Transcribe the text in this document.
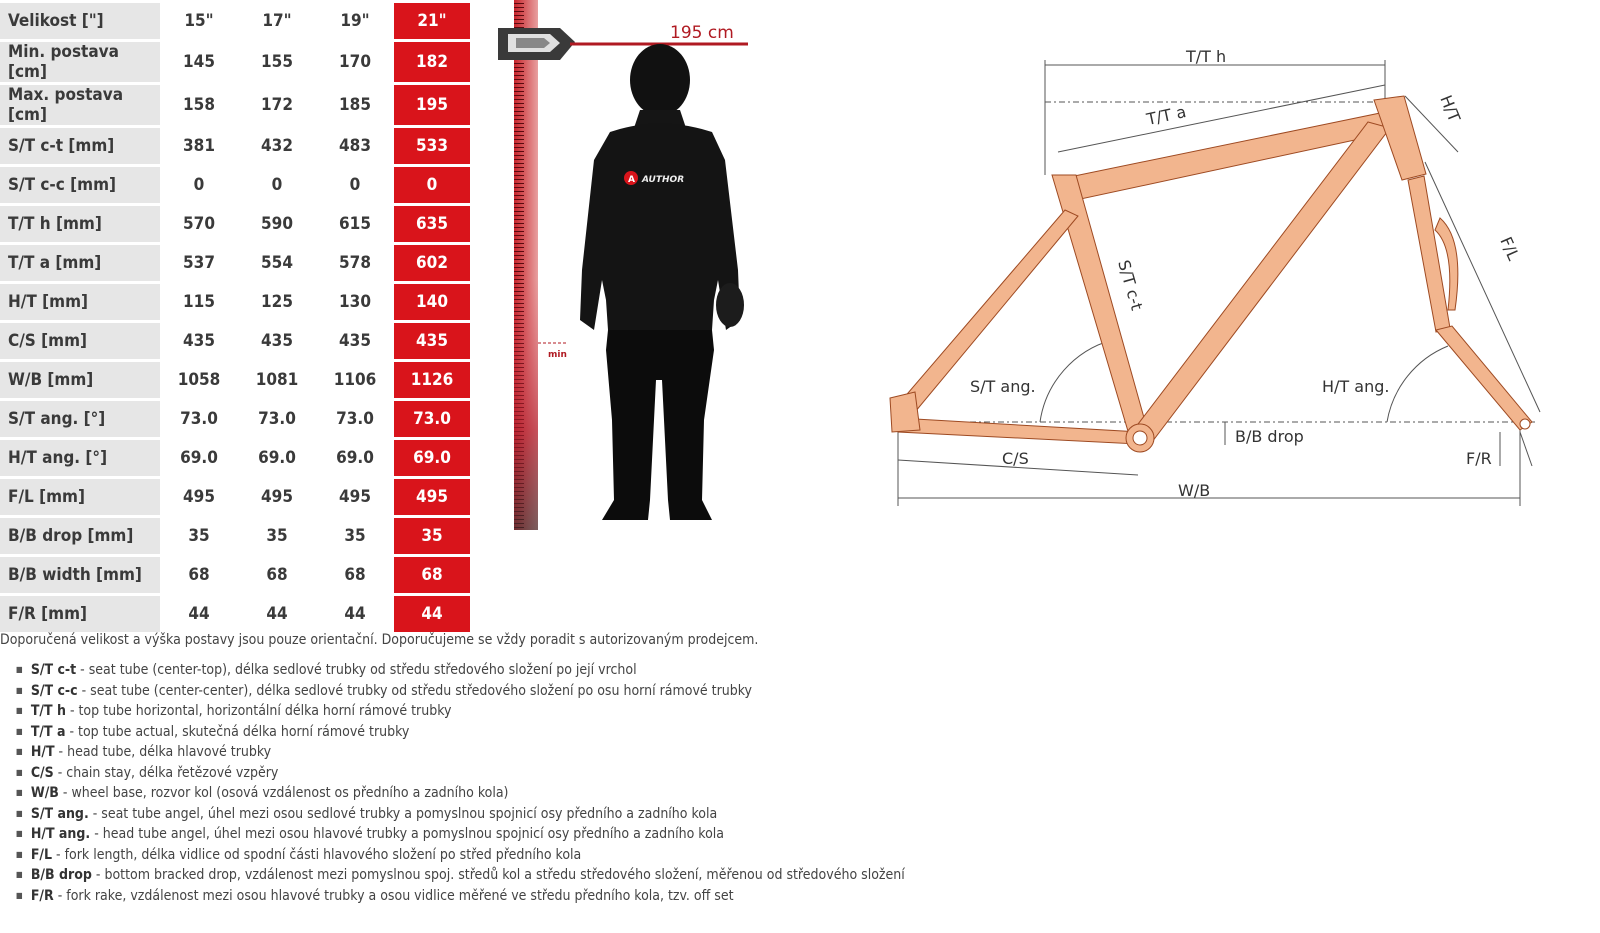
Velikost ["]	15"	17"	19"	21"
Min. postava [cm]	145	155	170	182
Max. postava [cm]	158	172	185	195
S/T c-t [mm]	381	432	483	533
S/T c-c [mm]	0	0	0	0
T/T h [mm]	570	590	615	635
T/T a [mm]	537	554	578	602
H/T [mm]	115	125	130	140
C/S [mm]	435	435	435	435
W/B [mm]	1058	1081	1106	1126
S/T ang. [°]	73.0	73.0	73.0	73.0
H/T ang. [°]	69.0	69.0	69.0	69.0
F/L [mm]	495	495	495	495
B/B drop [mm]	35	35	35	35
B/B width [mm]	68	68	68	68
F/R [mm]	44	44	44	44
195 cm
min
A AUTHOR
T/T h
T/T a	H/T
S/T c-t
F/L
S/T ang.	H/T ang.
B/B drop
C/S	F/R
W/B
Doporučená velikost a výška postavy jsou pouze orientační. Doporučujeme se vždy poradit s autorizovaným prodejcem.
■ S/T c-t - seat tube (center-top), délka sedlové trubky od středu středového složení po její vrchol
■ S/T c-c - seat tube (center-center), délka sedlové trubky od středu středového složení po osu horní rámové trubky
■ T/T h - top tube horizontal, horizontální délka horní rámové trubky
■ T/T a - top tube actual, skutečná délka horní rámové trubky
■ H/T - head tube, délka hlavové trubky
■ C/S - chain stay, délka řetězové vzpěry
■ W/B - wheel base, rozvor kol (osová vzdálenost os předního a zadního kola)
■ S/T ang. - seat tube angel, úhel mezi osou sedlové trubky a pomyslnou spojnicí osy předního a zadního kola
■ H/T ang. - head tube angel, úhel mezi osou hlavové trubky a pomyslnou spojnicí osy předního a zadního kola
■ F/L - fork length, délka vidlice od spodní části hlavového složení po střed předního kola
■ B/B drop - bottom bracked drop, vzdálenost mezi pomyslnou spoj. středů kol a středu středového složení, měřenou od středového složení
■ F/R - fork rake, vzdálenost mezi osou hlavové trubky a osou vidlice měřené ve středu předního kola, tzv. off set
